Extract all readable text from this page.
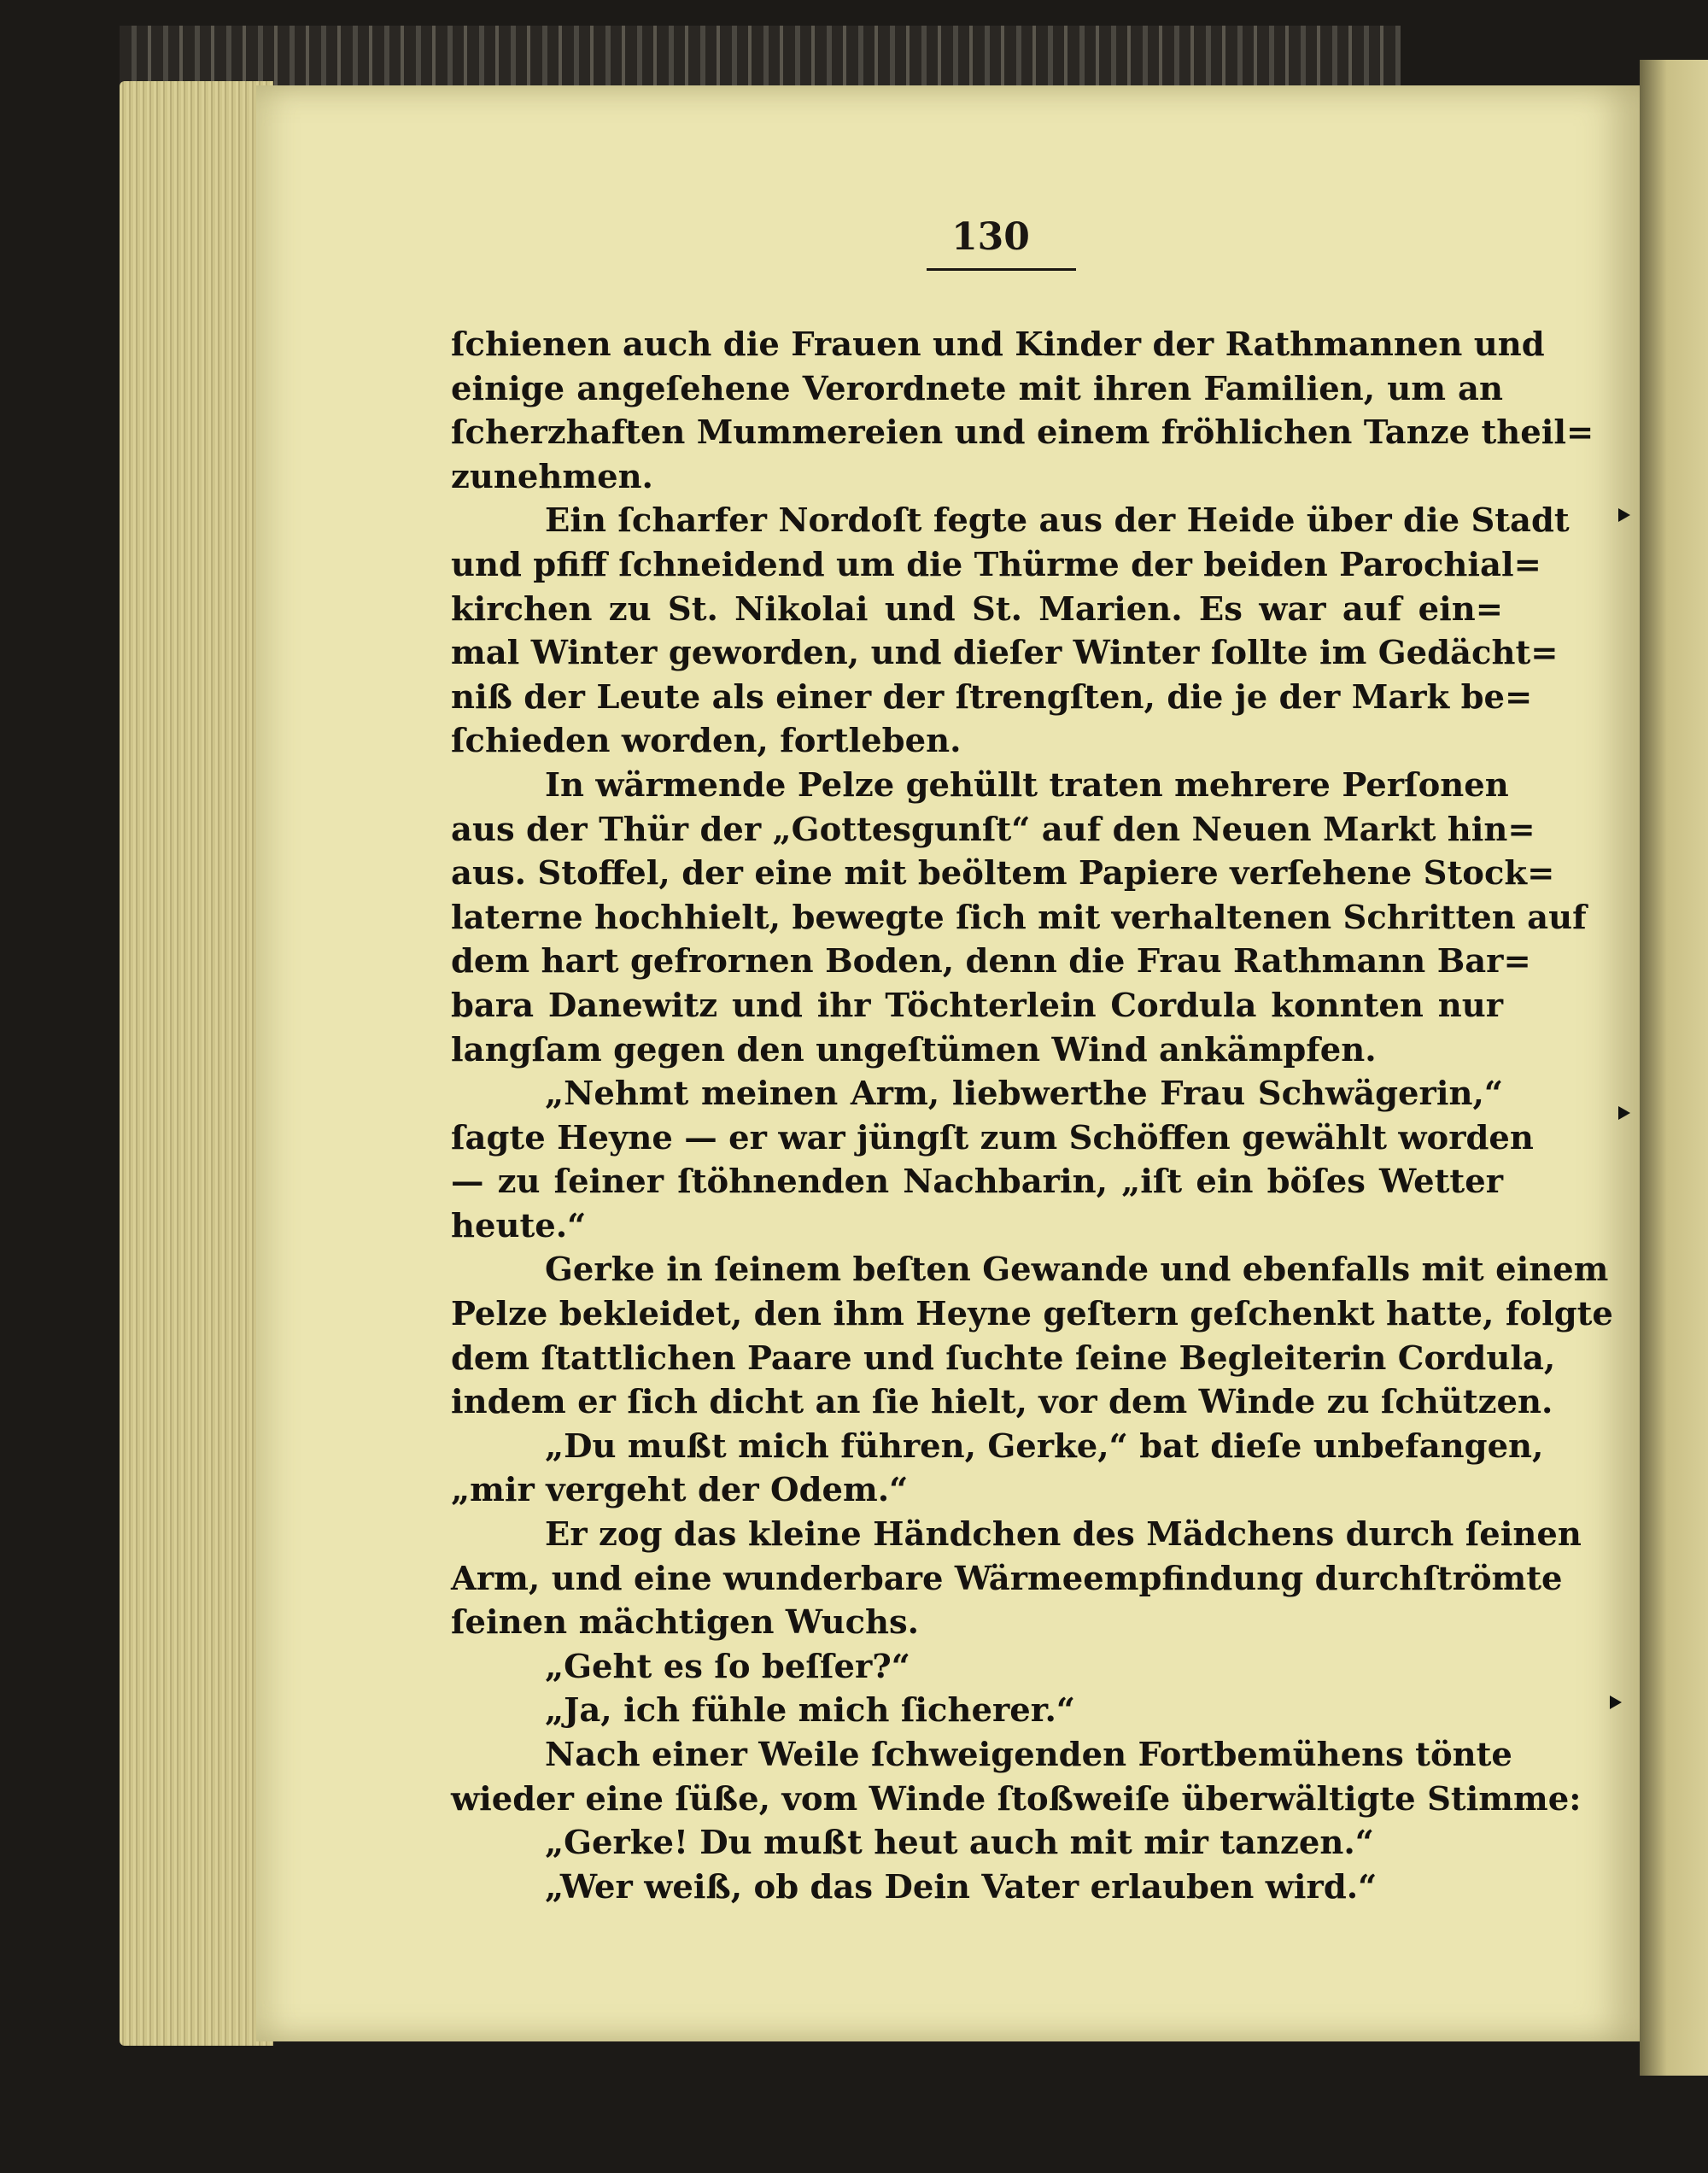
130
ſchienen auch die Frauen und Kinder der Rathmannen und
einige angeſehene Verordnete mit ihren Familien, um an
ſcherzhaften Mummereien und einem fröhlichen Tanze theil=
zunehmen.
Ein ſcharfer Nordoſt fegte aus der Heide über die Stadt
und pfiff ſchneidend um die Thürme der beiden Parochial=
kirchen zu St. Nikolai und St. Marien. Es war auf ein=
mal Winter geworden, und dieſer Winter ſollte im Gedächt=
niß der Leute als einer der ſtrengſten, die je der Mark be=
ſchieden worden, fortleben.
In wärmende Pelze gehüllt traten mehrere Perſonen
aus der Thür der „Gottesgunſt“ auf den Neuen Markt hin=
aus. Stoffel, der eine mit beöltem Papiere verſehene Stock=
laterne hochhielt, bewegte ſich mit verhaltenen Schritten auf
dem hart gefrornen Boden, denn die Frau Rathmann Bar=
bara Danewitz und ihr Töchterlein Cordula konnten nur
langſam gegen den ungeſtümen Wind ankämpfen.
„Nehmt meinen Arm, liebwerthe Frau Schwägerin,“
ſagte Heyne — er war jüngſt zum Schöffen gewählt worden
— zu ſeiner ſtöhnenden Nachbarin, „iſt ein böſes Wetter
heute.“
Gerke in ſeinem beſten Gewande und ebenfalls mit einem
Pelze bekleidet, den ihm Heyne geſtern geſchenkt hatte, folgte
dem ſtattlichen Paare und ſuchte ſeine Begleiterin Cordula,
indem er ſich dicht an ſie hielt, vor dem Winde zu ſchützen.
„Du mußt mich führen, Gerke,“ bat dieſe unbefangen,
„mir vergeht der Odem.“
Er zog das kleine Händchen des Mädchens durch ſeinen
Arm, und eine wunderbare Wärmeempfindung durchſtrömte
ſeinen mächtigen Wuchs.
„Geht es ſo beſſer?“
„Ja, ich fühle mich ſicherer.“
Nach einer Weile ſchweigenden Fortbemühens tönte
wieder eine ſüße, vom Winde ſtoßweiſe überwältigte Stimme:
„Gerke! Du mußt heut auch mit mir tanzen.“
„Wer weiß, ob das Dein Vater erlauben wird.“
